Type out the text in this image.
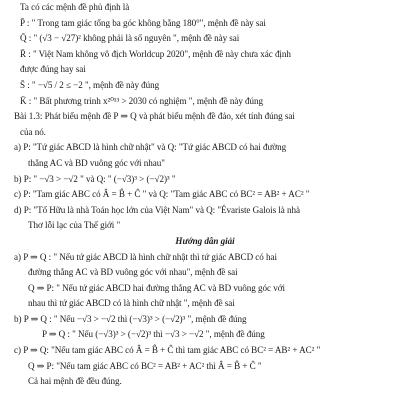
Ta có các mệnh đề phủ định là
P̄ : " Trong tam giác tổng ba góc không bằng 180°", mệnh đề này sai
Q̄ : " (√3 − √27)² không phải là số nguyên ", mệnh đề này sai
R̄ : " Việt Nam không vô địch Worldcup 2020", mệnh đề này chưa xác định
được đúng hay sai
S̄ : " −√5 / 2 ≤ −2 ", mệnh đề này đúng
K̄ : " Bất phương trình x²⁰¹³ > 2030 có nghiệm ", mệnh đề này đúng
Bài 1.3: Phát biểu mệnh đề P ⇒ Q và phát biểu mệnh đề đảo, xét tính đúng sai
của nó.
a) P: "Tứ giác ABCD là hình chữ nhật" và Q: "Tứ giác ABCD có hai đường
thẳng AC và BD vuông góc với nhau"
b) P: " −√3 > −√2 " và Q: " (−√3)³ > (−√2)³ "
c) P: "Tam giác ABC có Â = B̂ + Ĉ " và Q: "Tam giác ABC có BC² = AB² + AC² "
d) P: "Tố Hữu là nhà Toán học lớn của Việt Nam" và Q: "Évariste Galois là nhà
Thơ lỗi lạc của Thế giới "
Hướng dẫn giải
a) P ⇒ Q : " Nếu tứ giác ABCD là hình chữ nhật thì tứ giác ABCD có hai
đường thẳng AC và BD vuông góc với nhau", mệnh đề sai
Q ⇒ P: " Nếu tứ giác ABCD hai đường thẳng AC và BD vuông góc với
nhau thì tứ giác ABCD có là hình chữ nhật ", mệnh đề sai
b) P ⇒ Q : " Nếu −√3 > −√2 thì (−√3)³ > (−√2)³ ", mệnh đề đúng
P ⇒ Q : " Nếu (−√3)³ > (−√2)³ thì −√3 > −√2 ", mệnh đề đúng
c) P ⇒ Q: "Nếu tam giác ABC có Â = B̂ + Ĉ thì tam giác ABC có BC² = AB² + AC² "
Q ⇒ P: "Nếu tam giác ABC có BC² = AB² + AC² thì Â = B̂ + Ĉ "
Cả hai mệnh đề đều đúng.
